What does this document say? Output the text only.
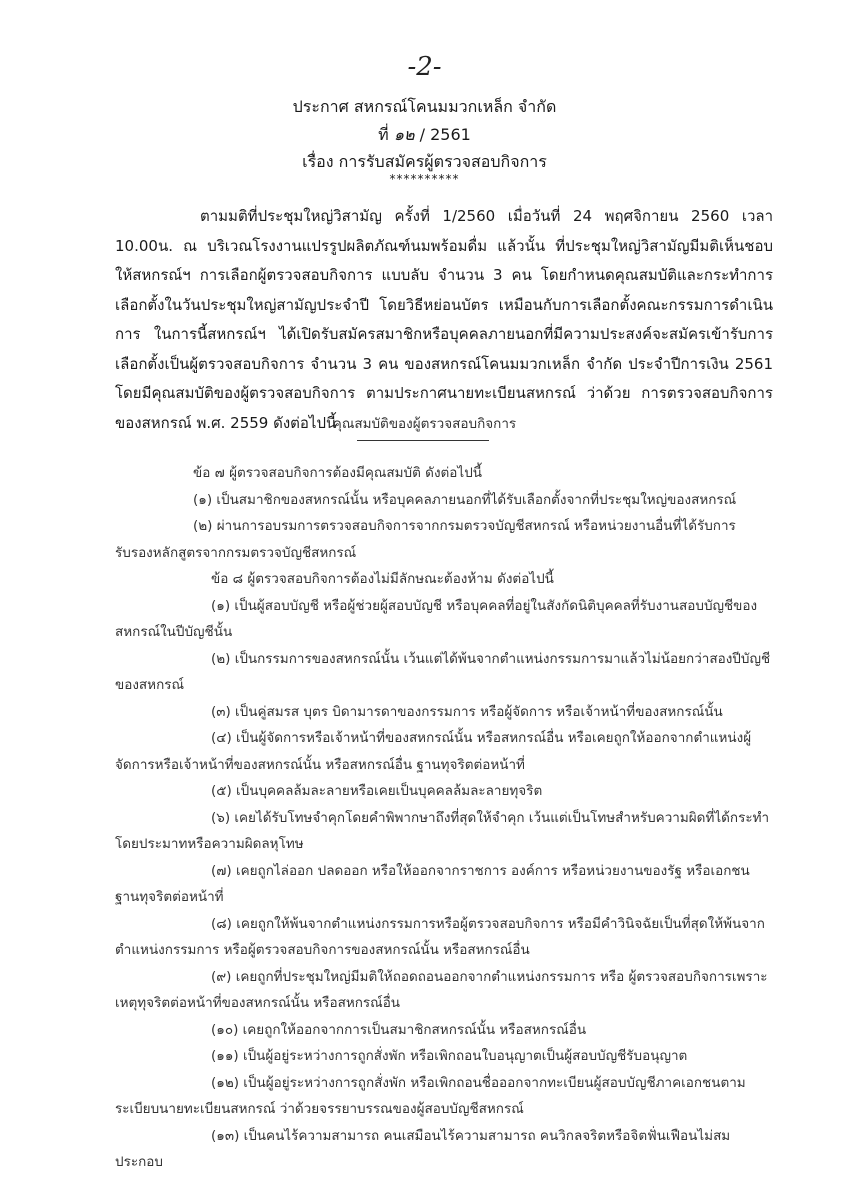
-2-
ประกาศ สหกรณ์โคนมมวกเหล็ก จำกัด
ที่ ๑๒ / 2561
เรื่อง การรับสมัครผู้ตรวจสอบกิจการ
**********
ตามมติที่ประชุมใหญ่วิสามัญ ครั้งที่ 1/2560 เมื่อวันที่ 24 พฤศจิกายน 2560 เวลา 10.00น. ณ บริเวณโรงงานแปรรูปผลิตภัณฑ์นมพร้อมดื่ม แล้วนั้น ที่ประชุมใหญ่วิสามัญมีมติเห็นชอบ ให้สหกรณ์ฯ การเลือกผู้ตรวจสอบกิจการ แบบลับ จำนวน 3 คน โดยกำหนดคุณสมบัติและกระทำการเลือกตั้งในวันประชุมใหญ่สามัญประจำปี โดยวิธีหย่อนบัตร เหมือนกับการเลือกตั้งคณะกรรมการดำเนินการ ในการนี้สหกรณ์ฯ ได้เปิดรับสมัครสมาชิกหรือบุคคลภายนอกที่มีความประสงค์จะสมัครเข้ารับการเลือกตั้งเป็นผู้ตรวจสอบกิจการ จำนวน 3 คน ของสหกรณ์โคนมมวกเหล็ก จำกัด ประจำปีการเงิน 2561 โดยมีคุณสมบัติของผู้ตรวจสอบกิจการ ตามประกาศนายทะเบียนสหกรณ์ ว่าด้วย การตรวจสอบกิจการของสหกรณ์ พ.ศ. 2559 ดังต่อไปนี้
คุณสมบัติของผู้ตรวจสอบกิจการ

ข้อ ๗ ผู้ตรวจสอบกิจการต้องมีคุณสมบัติ ดังต่อไปนี้

(๑) เป็นสมาชิกของสหกรณ์นั้น หรือบุคคลภายนอกที่ได้รับเลือกตั้งจากที่ประชุมใหญ่ของสหกรณ์

(๒) ผ่านการอบรมการตรวจสอบกิจการจากกรมตรวจบัญชีสหกรณ์ หรือหน่วยงานอื่นที่ได้รับการรับรองหลักสูตรจากกรมตรวจบัญชีสหกรณ์

ข้อ ๘ ผู้ตรวจสอบกิจการต้องไม่มีลักษณะต้องห้าม ดังต่อไปนี้

(๑) เป็นผู้สอบบัญชี หรือผู้ช่วยผู้สอบบัญชี หรือบุคคลที่อยู่ในสังกัดนิติบุคคลที่รับงานสอบบัญชีของสหกรณ์ในปีบัญชีนั้น

(๒) เป็นกรรมการของสหกรณ์นั้น เว้นแต่ได้พ้นจากตำแหน่งกรรมการมาแล้วไม่น้อยกว่าสองปีบัญชีของสหกรณ์

(๓) เป็นคู่สมรส บุตร บิดามารดาของกรรมการ หรือผู้จัดการ หรือเจ้าหน้าที่ของสหกรณ์นั้น

(๔) เป็นผู้จัดการหรือเจ้าหน้าที่ของสหกรณ์นั้น หรือสหกรณ์อื่น หรือเคยถูกให้ออกจากตำแหน่งผู้จัดการหรือเจ้าหน้าที่ของสหกรณ์นั้น หรือสหกรณ์อื่น ฐานทุจริตต่อหน้าที่

(๕) เป็นบุคคลล้มละลายหรือเคยเป็นบุคคลล้มละลายทุจริต

(๖) เคยได้รับโทษจำคุกโดยคำพิพากษาถึงที่สุดให้จำคุก เว้นแต่เป็นโทษสำหรับความผิดที่ได้กระทำโดยประมาทหรือความผิดลหุโทษ

(๗) เคยถูกไล่ออก ปลดออก หรือให้ออกจากราชการ องค์การ หรือหน่วยงานของรัฐ หรือเอกชนฐานทุจริตต่อหน้าที่

(๘) เคยถูกให้พ้นจากตำแหน่งกรรมการหรือผู้ตรวจสอบกิจการ หรือมีคำวินิจฉัยเป็นที่สุดให้พ้นจากตำแหน่งกรรมการ หรือผู้ตรวจสอบกิจการของสหกรณ์นั้น หรือสหกรณ์อื่น

(๙) เคยถูกที่ประชุมใหญ่มีมติให้ถอดถอนออกจากตำแหน่งกรรมการ หรือ ผู้ตรวจสอบกิจการเพราะเหตุทุจริตต่อหน้าที่ของสหกรณ์นั้น หรือสหกรณ์อื่น

(๑๐) เคยถูกให้ออกจากการเป็นสมาชิกสหกรณ์นั้น หรือสหกรณ์อื่น

(๑๑) เป็นผู้อยู่ระหว่างการถูกสั่งพัก หรือเพิกถอนใบอนุญาตเป็นผู้สอบบัญชีรับอนุญาต

(๑๒) เป็นผู้อยู่ระหว่างการถูกสั่งพัก หรือเพิกถอนชื่อออกจากทะเบียนผู้สอบบัญชีภาคเอกชนตามระเบียบนายทะเบียนสหกรณ์ ว่าด้วยจรรยาบรรณของผู้สอบบัญชีสหกรณ์

(๑๓) เป็นคนไร้ความสามารถ คนเสมือนไร้ความสามารถ คนวิกลจริตหรือจิตฟั่นเฟือนไม่สมประกอบ
